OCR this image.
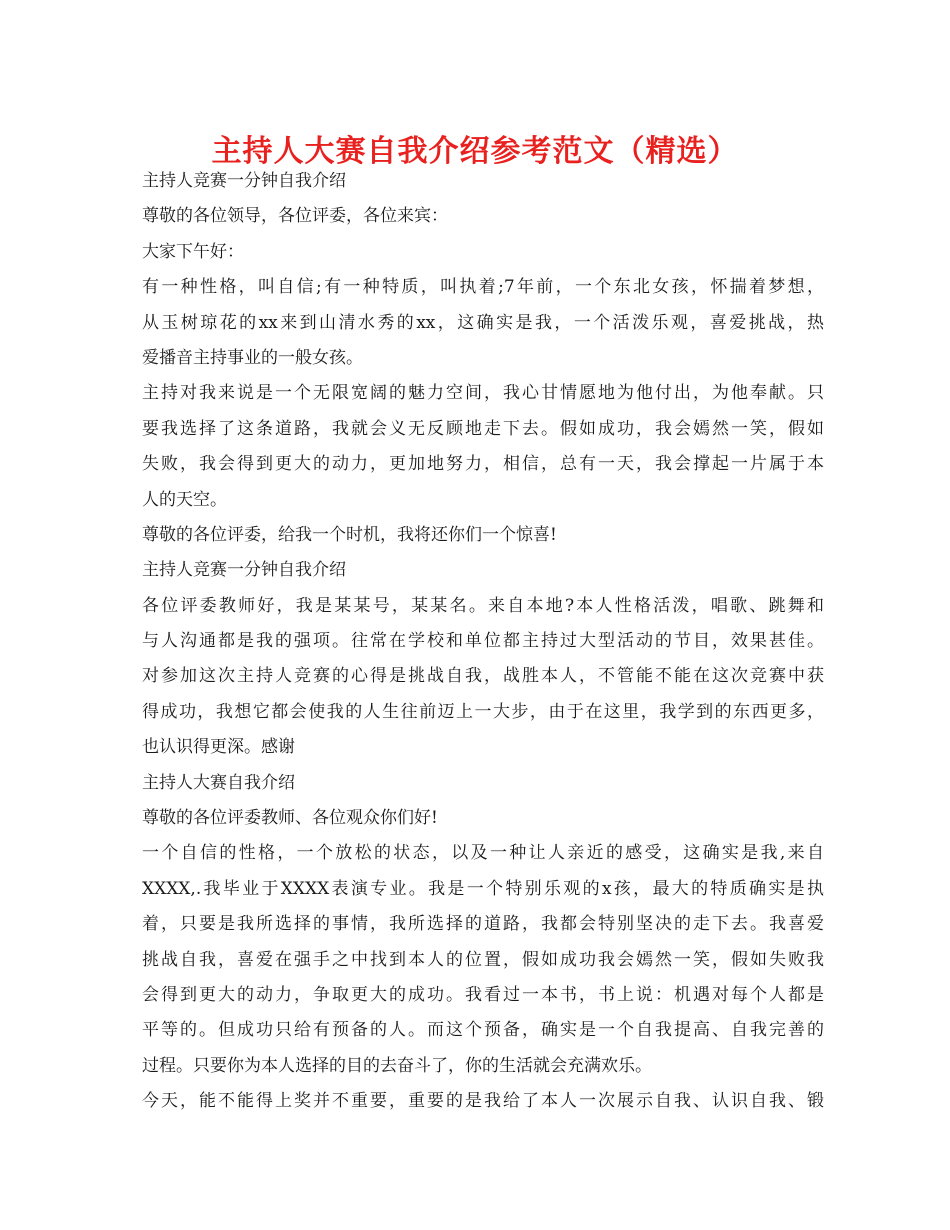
主持人大赛自我介绍参考范文（精选）
主持人竞赛一分钟自我介绍
尊敬的各位领导，各位评委，各位来宾：
大家下午好：
有一种性格，叫自信;有一种特质，叫执着;7年前，一个东北女孩，怀揣着梦想，
从玉树琼花的xx来到山清水秀的xx，这确实是我，一个活泼乐观，喜爱挑战，热
爱播音主持事业的一般女孩。
主持对我来说是一个无限宽阔的魅力空间，我心甘情愿地为他付出，为他奉献。只
要我选择了这条道路，我就会义无反顾地走下去。假如成功，我会嫣然一笑，假如
失败，我会得到更大的动力，更加地努力，相信，总有一天，我会撑起一片属于本
人的天空。
尊敬的各位评委，给我一个时机，我将还你们一个惊喜!
主持人竞赛一分钟自我介绍
各位评委教师好，我是某某号，某某名。来自本地?本人性格活泼，唱歌、跳舞和
与人沟通都是我的强项。往常在学校和单位都主持过大型活动的节目，效果甚佳。
对参加这次主持人竞赛的心得是挑战自我，战胜本人，不管能不能在这次竞赛中获
得成功，我想它都会使我的人生往前迈上一大步，由于在这里，我学到的东西更多，
也认识得更深。感谢
主持人大赛自我介绍
尊敬的各位评委教师、各位观众你们好!
一个自信的性格，一个放松的状态，以及一种让人亲近的感受，这确实是我,来自
XXXX,.我毕业于XXXX表演专业。我是一个特别乐观的x孩，最大的特质确实是执
着，只要是我所选择的事情，我所选择的道路，我都会特别坚决的走下去。我喜爱
挑战自我，喜爱在强手之中找到本人的位置，假如成功我会嫣然一笑，假如失败我
会得到更大的动力，争取更大的成功。我看过一本书，书上说：机遇对每个人都是
平等的。但成功只给有预备的人。而这个预备，确实是一个自我提高、自我完善的
过程。只要你为本人选择的目的去奋斗了，你的生活就会充满欢乐。
今天，能不能得上奖并不重要，重要的是我给了本人一次展示自我、认识自我、锻
